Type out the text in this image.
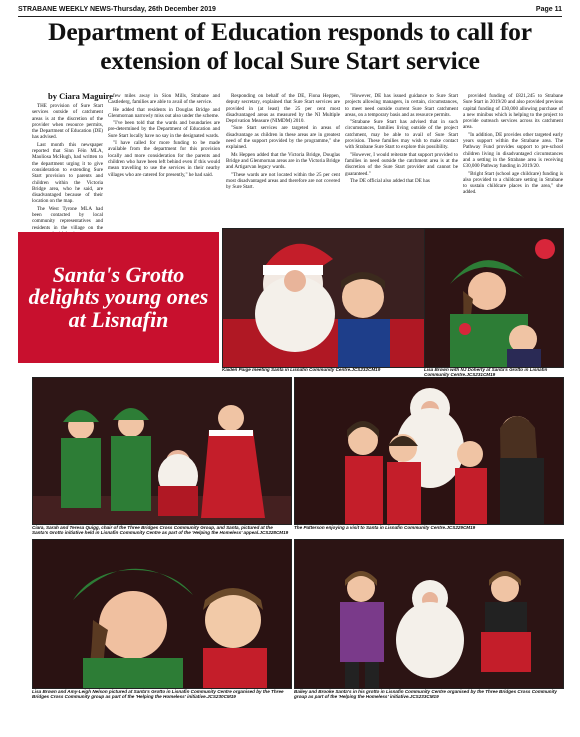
STRABANE WEEKLY NEWS-Thursday, 26th December 2019	Page 11
Department of Education responds to call for extension of local Sure Start service
by Ciara Maguire

THE provision of Sure Start services outside of catchment areas is at the discretion of the provider when resource permits, the Department of Education (DE) has advised.

Last month this newspaper reported that Sinn Féin MLA, Maolíosa McHugh, had written to the department urging it to give consideration to extending Sure Start provision to parents and children within the Victoria Bridge area, who he said, are disadvantaged because of their location on the map.

The West Tyrone MLA had been contacted by local community representatives and residents in the village on the

few miles away in Sion Mills, Strabane and Castlederg, families are able to avail of the service.

He added that residents in Douglas Bridge and Glenmornan narrowly miss out also under the scheme.

"I've been told that the wards and boundaries are pre-determined by the Department of Education and Sure Start locally have no say in the designated wards.

"I have called for more funding to be made available from the department for this provision locally and more consideration for the parents and children who have been left behind even if this would mean travelling to use the services in their nearby villages who are catered for presently," he had said.

Responding on behalf of the DE, Fiona Heppen, deputy secretary, explained that Sure Start services are provided in (at least) the 25 per cent most disadvantaged areas as measured by the NI Multiple Deprivation Measure (NIMDM) 2010.

"Sure Start services are targeted in areas of disadvantage as children in these areas are in greatest need of the support provided by the programme," she explained.

Ms Heppen added that the Victoria Bridge, Douglas Bridge and Glenmornan areas are in the Victoria Bridge and Artigarvan legacy wards.

"These wards are not located within the 25 per cent most disadvantaged areas and therefore are not covered by Sure Start.

"However, DE has issued guidance to Sure Start projects allowing managers, in certain, circumstances, to meet need outside current Sure Start catchment areas, on a temporary basis and as resource permits.

"Strabane Sure Start has advised that in such circumstances, families living outside of the project catchment, may be able to avail of Sure Start provision. These families may wish to make contact with Strabane Sure Start to explore this possibility.

"However, I would reiterate that support provided to families in need outside the catchment area is at the discretion of the Sure Start provider and cannot be guaranteed."

The DE official also added that DE has

provided funding of £821,245 to Strabane Sure Start in 2019/20 and also provided previous capital funding of £30,000 allowing purchase of a new minibus which is helping to the project to provide outreach services across its catchment area.

"In addition, DE provides other targeted early years support within the Strabane area. The Pathway Fund provides support to pre-school children living in disadvantaged circumstances and a setting in the Strabane area is receiving £30,000 Pathway funding in 2019/20.

"Bright Start (school age childcare) funding is also provided to a childcare setting in Strabane to sustain childcare places in the area," she added.

Santa's Grotto delights young ones at Lisnafin
Kaiden Paige meeting Santa in Lisnafin Community Centre.JCS232CM19	Lisa Brown with NJ Doherty at Santa's Grotto in Lisnafin Community Centre.JCS231CM19
Ciara, Sarah and Teresa Quigg, chair of the Three Bridges Cross Community Group, and Santa, pictured at the Santa's Grotto initiative held in Lisnafin Community Centre as part of the 'Helping the Homeless' appeal.JCS228CM19
The Patterson enjoying a visit to Santa in Lisnafin Community Centre.JCS229CM19
Lisa Brown and Amy-Leigh Nelson pictured at Santa's Grotto in Lisnafin Community Centre organised by the Three Bridges Cross Community group as part of the 'Helping the Homeless' initiative.JCS230CM19
Bailey and Brooke Santa's in his grotto in Lisnafin Community Centre organised by the Three Bridges Cross Community group as part of the 'Helping the Homeless' initiative.JCS233CM19
